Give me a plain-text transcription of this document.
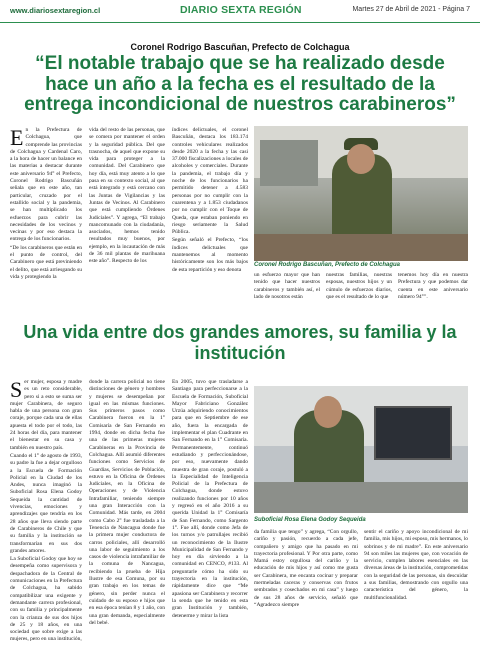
www.diariosextaregion.cl	DIARIO SEXTA REGIÓN	Martes 27 de Abril de 2021 - Página 7
Coronel Rodrigo Bascuñan, Prefecto de Colchagua
“El notable trabajo que se ha realizado desde hace un año a la fecha es el resultado de la entrega incondicional de nuestros carabineros”
E n la Prefectura de Colchagua, que comprende las provincias de Colchagua y Cardenal Caro, a la hora de hacer un balance en las materias a destacar durante este aniversario 94° el Prefecto, Coronel Rodrigo Bascuñán señala que en este año, tan particular, cruzado por el estallido social y la pandemia, se han multiplicado los esfuerzos para cubrir las necesidades de los vecinos y vecinas y por eso destaca la entrega de los funcionarios.

“De los carabineros que están en el punto de control, del Carabinero que está previniendo el delito, que está arriesgando su vida y protegiendo la

vida del resto de las personas, que se comera por mantener el orden y la seguridad pública. Del que trasnocha, de aquel que expone su vida para proteger a la comunidad. Del Carabinero que hoy día, está muy atento a lo que pasa en su contexto social, al que está integrado y está cercano con las Juntas de Vigilancias y las Juntas de Vecinos. Al Carabinero que está cumpliendo Órdenes Judiciales”. Y agrega, “El trabajo mancomunado con la ciudadanía, asociados, hemos tenido resultados muy buenos, por ejemplo, en la incautación de más de 36 mil plantas de marihuana este año”. Respecto de los

índices delictuales, el coronel Bascuñán, destaca los 183.174 controles vehiculares realizados desde 2020 a la fecha y las casi 37.000 fiscalizaciones a locales de alcoholes y comerciales. Durante la pandemia, el trabajo día y noche de los funcionarios ha permitido detener a 4.583 personas por no cumplir con la cuarentena y a 1.853 ciudadanos por no cumplir con el Toque de Queda, que estaban poniendo en riesgo seriamente la Salud Pública.

Según señaló el Prefecto, “los índices delictuales que mantenemos al momento históricamente son los más bajos de esta repartición y eso denota

Coronel Rodrigo Bascuñan, Prefecto de Colchagua

un esfuerzo mayor que han tenido que hacer nuestros carabineros y también así, el lado de nosotros están

nuestras familias, nuestras esposas, nuestros hijos y un cúmulo de esfuerzos diarios, que es el resultado de lo que

tenemos hoy día en nuestra Prefectura y que podemos dar cuenta en este aniversario número 94°”.

Una vida entre dos grandes amores, su familia y la institución
S er mujer, esposa y madre es un reto considerable, pero si a esto se suma ser mujer Carabinera, de seguro habla de una persona con gran coraje, porque cada una de ellas apuesta el todo por el todo, las 24 horas del día, para mantener el bienestar en su casa y también en nuestro país.

Cuando el 1° de agosto de 1993, su padre la fue a dejar orgulloso a la Escuela de Formación Policial en la Ciudad de los Andes, nunca imaginó la Suboficial Rosa Elena Godoy Sequeida la cantidad de vivencias, emociones y aprendizajes que tendría en los 28 años que lleva siendo parte de Carabineros de Chile y que su familia y la institución se transformarían en sus dos grandes amores.

La Suboficial Godoy que hoy se desempeña como supervisora y despachadora de la Central de comunicaciones en la Prefectura de Colchagua, ha sabido compatibilizar una exigente y demandante carrera profesional, con su familia y principalmente con la crianza de sus dos hijos de 25 y 18 años, en una sociedad que sobre exige a las mujeres, pero en una institución,

donde la carrera policial no tiene distinciones de género y hombres y mujeres se desempeñan por igual en las mismas funciones. Sus primeros pasos como Carabinera fueron en la 1° Comisaría de San Fernando en 1994, donde en dicha fecha fue una de las primeras mujeres Carabineras en la Provincia de Colchagua. Allí asumió diferentes funciones como Servicios de Guardias, Servicios de Población, estuvo en la Oficina de Órdenes Judiciales, en la Oficina de Operaciones y de Violencia Intrafamiliar, teniendo siempre una gran Interacción con la Comunidad. Más tarde, en 2004 como Cabo 2° fue trasladada a la Tenencia de Nancagua donde fue la primera mujer conductora de carros policiales, allí desarrolló una labor de seguimiento a los casos de violencia intrafamiliar de la comuna de Nancagua, recibiendo la prueba de Hija Ilustre de esa Comuna, por su gran trabajo en los temas de género, sin perder nunca el cuidado de su esposo e hijos que en esa época tenían 8 y 1 año, con una gran demanda, especialmente del bebé.

En 2005, tuvo que trasladarse a Santiago para perfeccionarse a la Escuela de Formación, Suboficial Mayor Fabriciano González Urzúa adquiriendo conocimientos para que en Septiembre de ese año, fuera la encargada de implementar el plan Cuadrante en San Fernando en la 1° Comisaría. Permanentemente, continuó estudiando y perfeccionándose, por eso, nuevamente dando muestra de gran coraje, postuló a la Especialidad de Inteligencia Policial de la Prefectura de Colchagua, donde estuvo realizando funciones por 10 años y regresó en el año 2016 a su querida Unidad la 1° Comisaría de San Fernando, como Sargento 1°. Fue allí, donde como Jefa de los turnos y/o patrullajes recibió un reconocimiento de la Ilustre Municipalidad de San Fernando y hoy en día sirviendo a la comunidad en CENCO, #133. Al preguntarle cómo ha sido su trayectoria en la institución, rápidamente dice que “Me apasiona ser Carabinera y recorrer la senda que he tenido en esta gran Institución y también, detenerme y mirar la lista

Suboficial Rosa Elena Godoy Sequeida

da familia que tengo” y agrega, “Con orgullo, cariño y pasión, recuerdo a cada jefe, compañero y amigo que ha pasado en mi trayectoria profesional. Y Por otra parte, como Mamá estoy orgullosa del cariño y la educación de mis hijos y así como me gusta ser Carabinera, me encanta cocinar y preparar mermeladas caceras y conservas con frutos sembrados y cosechados en mi casa” y luego de sus 28 años de servicio, señaló que “Agradezco siempre

sentir el cariño y apoyo incondicional de mi familia, mis hijos, mi esposo, mis hermanos, lo sobrinos y de mi madre”. En este aniversario 94 son miles las mujeres que, con vocación de servicio, cumplen labores esenciales en las diversas áreas de la institución, comprometidas con la seguridad de las personas, sin descuidar a sus familias, demostrando con orgullo una característica del género, la multifuncionalidad.
